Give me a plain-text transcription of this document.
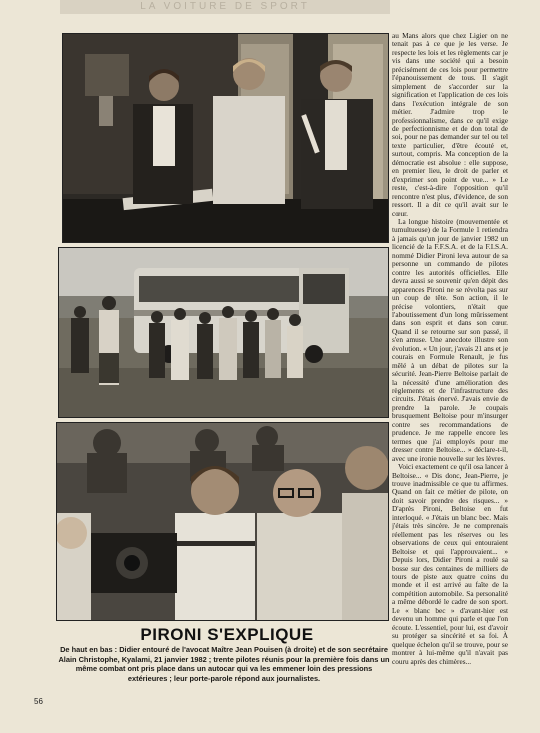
LA VOITURE DE SPORT
PIRONI S'EXPLIQUE
De haut en bas : Didier entouré de l'avocat Maître Jean Pouisen (à droite) et de son secrétaire Alain Christophe, Kyalami, 21 janvier 1982 ; trente pilotes réunis pour la première fois dans un même combat ont pris place dans un autocar qui va les emmener loin des pressions extérieures ; leur porte-parole répond aux journalistes.
56

au Mans alors que chez Ligier on ne tenait pas à ce que je les verse. Je respecte les lois et les règlements car je vis dans une société qui a besoin précisément de ces lois pour permettre l'épanouissement de tous. Il s'agit simplement de s'accorder sur la signification et l'application de ces lois dans l'exécution intégrale de son métier. J'admire trop le professionnalisme, dans ce qu'il exige de perfectionnisme et de don total de soi, pour ne pas demander sur tel ou tel texte particulier, d'être écouté et, surtout, compris. Ma conception de la démocratie est absolue : elle suppose, en premier lieu, le droit de parler et d'exprimer son point de vue... » Le reste, c'est-à-dire l'opposition qu'il rencontre n'est plus, d'évidence, de son ressort. Il a dit ce qu'il avait sur le cœur.

La longue histoire (mouvementée et tumultueuse) de la Formule 1 retiendra à jamais qu'un jour de janvier 1982 un licencié de la F.F.S.A. et de la F.I.S.A. nommé Didier Pironi leva autour de sa personne un commando de pilotes contre les autorités officielles. Elle devra aussi se souvenir qu'en dépit des apparences Pironi ne se révolta pas sur un coup de tête. Son action, il le précise volontiers, n'était que l'aboutissement d'un long mûrissement dans son esprit et dans son cœur. Quand il se retourne sur son passé, il s'en amuse. Une anecdote illustre son évolution. « Un jour, j'avais 21 ans et je courais en Formule Renault, je fus mêlé à un débat de pilotes sur la sécurité. Jean-Pierre Beltoise parlait de la nécessité d'une amélioration des règlements et de l'infrastructure des circuits. J'étais énervé. J'avais envie de prendre la parole. Je coupais brusquement Beltoise pour m'insurger contre ses recommandations de prudence. Je me rappelle encore les termes que j'ai employés pour me dresser contre Beltoise... » déclare-t-il, avec une ironie nouvelle sur les lèvres.

Voici exactement ce qu'il osa lancer à Beltoise... « Dis donc, Jean-Pierre, je trouve inadmissible ce que tu affirmes. Quand on fait ce métier de pilote, on doit savoir prendre des risques... » D'après Pironi, Beltoise en fut interloqué. « J'étais un blanc bec. Mais j'étais très sincère. Je ne comprenais réellement pas les réserves ou les observations de ceux qui entouraient Beltoise et qui l'approuvaient... » Depuis lors, Didier Pironi a roulé sa bosse sur des centaines de milliers de tours de piste aux quatre coins du monde et il est arrivé au faîte de la compétition automobile. Sa personalité a même débordé le cadre de son sport. Le « blanc bec » d'avant-hier est devenu un homme qui parle et que l'on écoute. L'essentiel, pour lui, est d'avoir su protéger sa sincérité et sa foi. À quelque échelon qu'il se trouve, pour se montrer à lui-même qu'il n'avait pas couru après des chimères...
